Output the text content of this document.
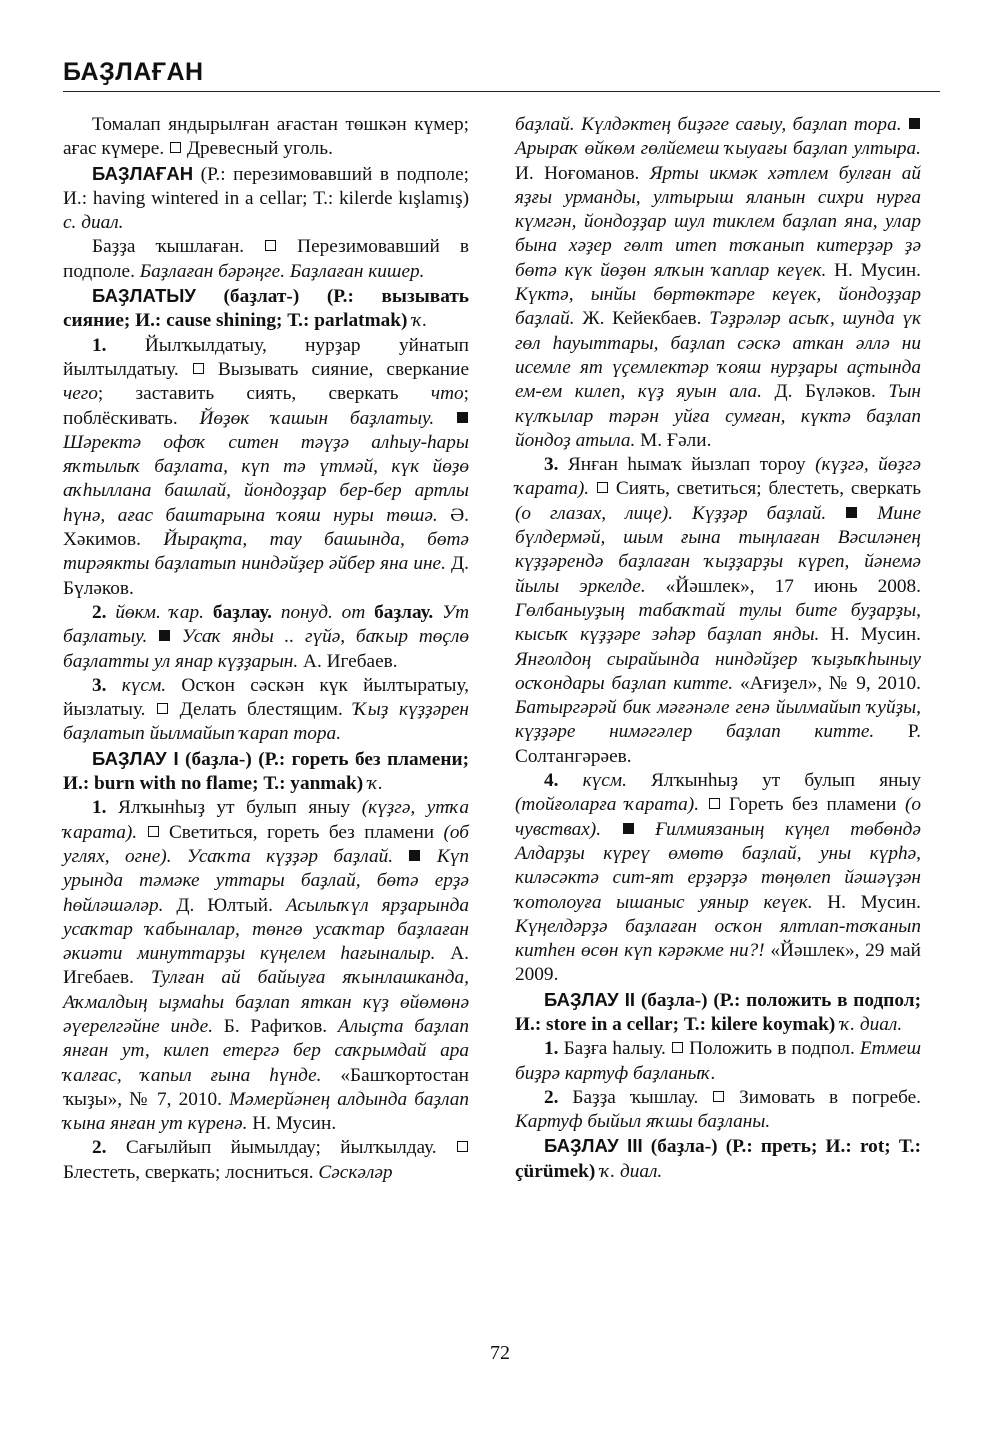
БАҘЛАҒАН

Томалап яндырылған ағастан төшкән күмер; ағас күмере. Древесный уголь.

БАҘЛАҒАН (Р.: перезимовавший в подполе; И.: having wintered in a cellar; Т.: kilerde kışlamış) с. диал.

Баҙҙа ҡышлаған.  Перезимовавший в подполе. Баҙлаған бәрәңге. Баҙлаған кишер.

БАҘЛАТЫУ (баҙлат-) (Р.: вызывать сияние; И.: cause shining; Т.: parlatmak) ҡ.

1. Йылҡылдатыу, нурҙар уйнатып йылтылдатыу.  Вызывать сияние, сверкание чего; заставить сиять, сверкать что; поблёскивать. Йөҙөк ҡашын баҙлатыу.  Шәректә офоҡ ситен тәүҙә алһыу-һары яҡтылыҡ баҙлата, күп тә үтмәй, күк йөҙө аҡһыллана башлай, йондоҙҙар бер-бер артлы һүнә, ағас баштарына ҡояш нуры төшә. Ә. Хәкимов. Йырақта, тау башында, бөтә тирәякты баҙлатып ниндәйҙер әйбер яна ине. Д. Бүләков.

2. йөкм. ҡар. баҙлау. понуд. от баҙлау. Ут баҙлатыу.  Усаҡ янды .. гүйә, баҡыр төҫлө баҙлатты ул янар күҙҙарын. А. Игебаев.

3. күсм. Осҡон сәскән күк йылтыратыу, йызлатыу.  Делать блестящим. Ҡыҙ күҙҙәрен баҙлатып йылмайып ҡарап тора.

БАҘЛАУ I (баҙла-) (Р.: гореть без пламени; И.: burn with no flame; Т.: yanmak) ҡ.

1. Ялҡынһыҙ ут булып яныу (күҙгә, утҡа ҡарата).  Светиться, гореть без пламени (об углях, огне). Усаҡта күҙҙәр баҙлай.  Күп урында тәмәке уттары баҙлай, бөтә ерҙә һөйләшәләр. Д. Юлтый. Асылыҡүл ярҙарында усаҡтар ҡабыналар, төнгө усаҡтар баҙлаған әкиәти минуттарҙы күңелем һағыналыр. А. Игебаев. Тулған ай байыуға яҡынлашканда, Аҡмалдың ыҙмаһы баҙлап яткан күҙ өйөмөнә әүерелгәйне инде. Б. Рафиҡов. Алыҫта баҙлап янған ут, килеп етергә бер саҡрымдай ара ҡалғас, ҡапыл ғына һүнде. «Башҡортостан ҡыҙы», № 7, 2010. Мәмерйәнең алдында баҙлап ҡына янған ут күренә. Н. Мусин.

2. Сағылйып йымылдау; йылҡылдау.  Блестеть, сверкать; лосниться. Сәскәләр

баҙлай. Күлдәктең биҙәге сағыу, баҙлап тора.  Арыраҡ өйкөм гөлйемеш ҡыуағы баҙлап ултыра. И. Ноғоманов. Ярты икмәк хәтлем булған ай яҙғы урманды, ултырыш яланын сихри нурға күмгән, йондоҙҙар шул тиклем баҙлап яна, улар бына хәҙер гөлт итеп тоҡанып китерҙәр ҙә бөтә күк йөҙөн ялҡын ҡаплар кеүек. Н. Мусин. Күктә, ынйы бөртөктәре кеүек, йондоҙҙар баҙлай. Ж. Кейекбаев. Тәҙрәләр асыҡ, шунда үк гөл һауыттары, баҙлап сәскә аткан әллә ни исемле ят үҫемлектәр ҡояш нурҙары аҫтында ем-ем килеп, күҙ яуын ала. Д. Бүләков. Тын күлҡылар тәрән уйға сумған, күктә баҙлап йондоҙ атыла. М. Ғәли.

3. Янған һымаҡ йызлап тороу (күҙгә, йөҙгә ҡарата).  Сиять, светиться; блестеть, сверкать (о глазах, лице). Күҙҙәр баҙлай.  Мине бүлдермәй, шым ғына тыңлаған Вәсиләнең күҙҙәрендә баҙлаған ҡыҙҙарҙы күреп, йәнемә йылы эркелде. «Йәшлек», 17 июнь 2008. Гөлбаныуҙың табаҡтай тулы бите буҙарҙы, кысыҡ күҙҙәре зәһәр баҙлап янды. Н. Мусин. Янғолдоң сырайында ниндәйҙер ҡыҙыҡһыныу осҡондары баҙлап китте. «Ағиҙел», № 9, 2010. Батыргәрәй бик мәғәнәле генә йылмайып ҡуйҙы, күҙҙәре нимәгәлер баҙлап китте. Р. Солтангәрәев.

4. күсм. Ялҡынһыҙ ут булып яныу (тойғоларға ҡарата).  Гореть без пламени (о чувствах).  Ғилмиязаның күңел төбөндә Алдарҙы күреү өмөтө баҙлай, уны күрһә, киләсәктә сит-ят ерҙәрҙә төңөлеп йәшәүҙән ҡотолоуға ышаныс уяныр кеүек. Н. Мусин. Күңелдәрҙә баҙлаған осҡон ялтлап-тоҡанып китһен өсөн күп кәрәкме ни?! «Йәшлек», 29 май 2009.

БАҘЛАУ II (баҙла-) (Р.: положить в подпол; И.: store in a cellar; Т.: kilere koymak) ҡ. диал.

1. Баҙға һалыу.  Положить в подпол. Етмеш биҙрә картуф баҙланыҡ.

2. Баҙҙа ҡышлау.  Зимовать в погребе. Картуф быйыл яҡшы баҙланы.

БАҘЛАУ III (баҙла-) (Р.: преть; И.: rot; Т.: çürümek) ҡ. диал.

72
